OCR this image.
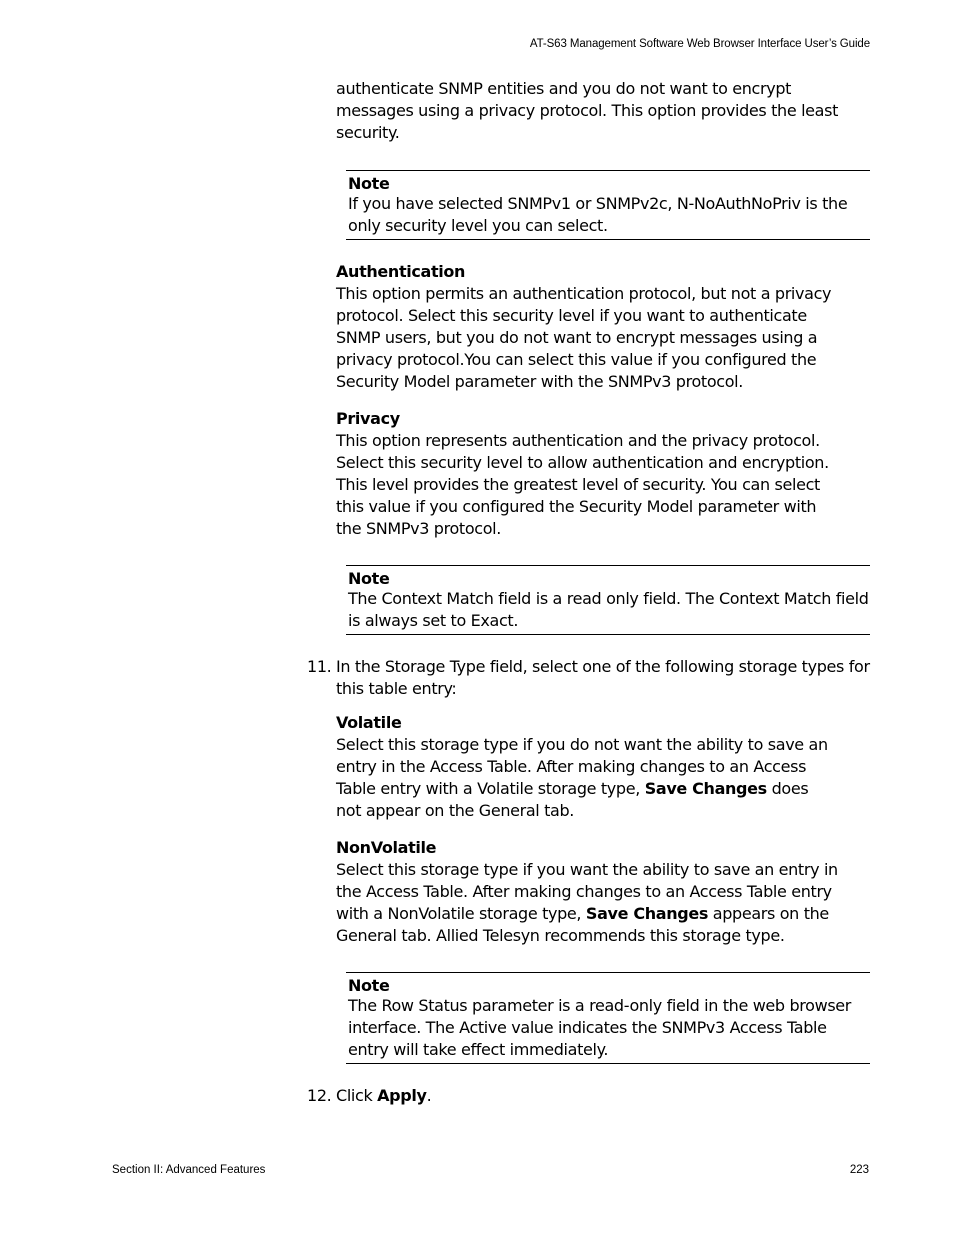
AT-S63 Management Software Web Browser Interface User’s Guide
authenticate SNMP entities and you do not want to encrypt messages using a privacy protocol. This option provides the least security.
Note
If you have selected SNMPv1 or SNMPv2c, N-NoAuthNoPriv is the only security level you can select.
Authentication
This option permits an authentication protocol, but not a privacy protocol. Select this security level if you want to authenticate SNMP users, but you do not want to encrypt messages using a privacy protocol.You can select this value if you configured the Security Model parameter with the SNMPv3 protocol.
Privacy
This option represents authentication and the privacy protocol. Select this security level to allow authentication and encryption. This level provides the greatest level of security. You can select this value if you configured the Security Model parameter with the SNMPv3 protocol.
Note
The Context Match field is a read only field. The Context Match field is always set to Exact.
11. In the Storage Type field, select one of the following storage types for this table entry:
Volatile
Select this storage type if you do not want the ability to save an entry in the Access Table. After making changes to an Access Table entry with a Volatile storage type, Save Changes does not appear on the General tab.
NonVolatile
Select this storage type if you want the ability to save an entry in the Access Table. After making changes to an Access Table entry with a NonVolatile storage type, Save Changes appears on the General tab. Allied Telesyn recommends this storage type.
Note
The Row Status parameter is a read-only field in the web browser interface. The Active value indicates the SNMPv3 Access Table entry will take effect immediately.
12. Click Apply.
Section II: Advanced Features	223
